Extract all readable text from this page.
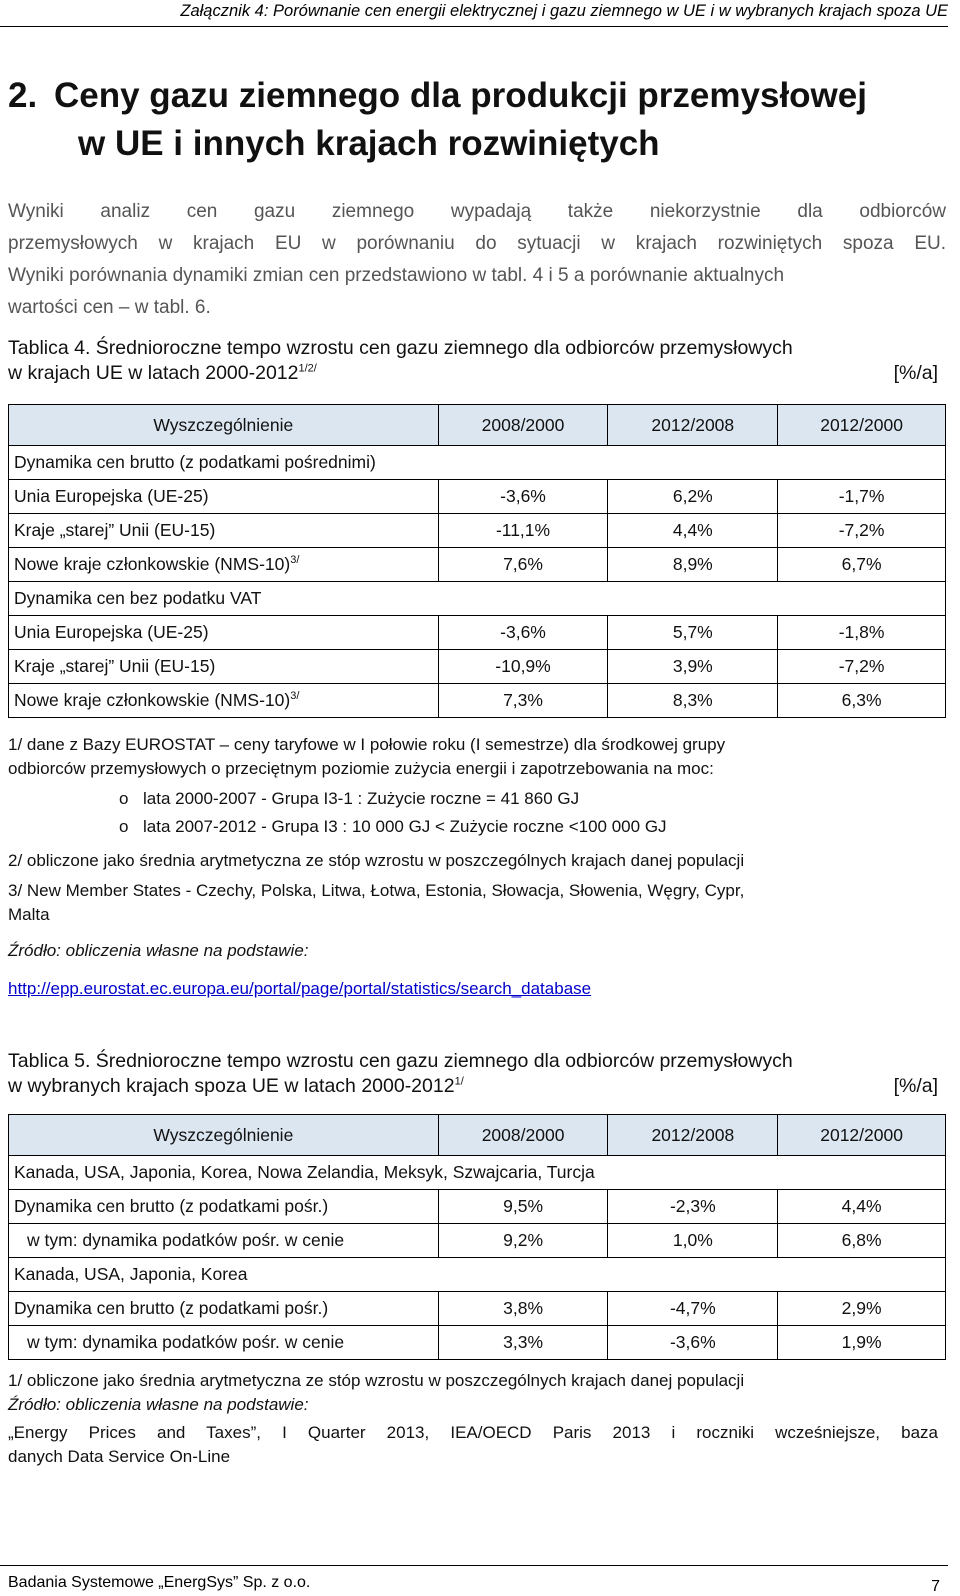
Załącznik 4: Porównanie cen energii elektrycznej i gazu ziemnego w UE i w wybranych krajach spoza UE
2. Ceny gazu ziemnego dla produkcji przemysłowej
w UE i innych krajach rozwiniętych
Wyniki analiz cen gazu ziemnego wypadają także niekorzystnie dla odbiorców
przemysłowych w krajach EU w porównaniu do sytuacji w krajach rozwiniętych spoza EU.
Wyniki porównania dynamiki zmian cen przedstawiono w tabl. 4 i 5 a porównanie aktualnych
wartości cen – w tabl. 6.
Tablica 4. Średnioroczne tempo wzrostu cen gazu ziemnego dla odbiorców przemysłowych
w krajach UE w latach $2000-2012^{1/2/}$	[%/a]
Wyszczególnienie	2008/2000	2012/2008	2012/2000
Dynamika cen brutto (z podatkami pośrednimi)			
Unia Europejska (UE-25)	-3,6%	6,2%	-1,7%
Kraje „starej” Unii (EU-15)	-11,1%	4,4%	-7,2%
Nowe kraje członkowskie $(NMS-10)^{3/}$	7,6%	8,9%	6,7%
Dynamika cen bez podatku VAT			
Unia Europejska (UE-25)	-3,6%	5,7%	-1,8%
Kraje „starej” Unii (EU-15)	-10,9%	3,9%	-7,2%
Nowe kraje członkowskie $(NMS-10)^{3/}$	7,3%	8,3%	6,3%
1/ dane z Bazy EUROSTAT – ceny taryfowe w I połowie roku (I semestrze) dla środkowej grupy
odbiorców przemysłowych o przeciętnym poziomie zużycia energii i zapotrzebowania na moc:
o lata 2000-2007 - Grupa I3-1 : Zużycie roczne = 41 860 GJ
o lata 2007-2012 - Grupa I3 : 10 000 GJ < Zużycie roczne <100 000 GJ
2/ obliczone jako średnia arytmetyczna ze stóp wzrostu w poszczególnych krajach danej populacji
3/ New Member States - Czechy, Polska, Litwa, Łotwa, Estonia, Słowacja, Słowenia, Węgry, Cypr,
Malta
Źródło: obliczenia własne na podstawie:
http://epp.eurostat.ec.europa.eu/portal/page/portal/statistics/search_database
Tablica 5. Średnioroczne tempo wzrostu cen gazu ziemnego dla odbiorców przemysłowych
w wybranych krajach spoza UE w latach $2000-2012^{1/}$	[%/a]
Wyszczególnienie	2008/2000	2012/2008	2012/2000
Kanada, USA, Japonia, Korea, Nowa Zelandia, Meksyk, Szwajcaria, Turcja			
Dynamika cen brutto (z podatkami pośr.)	9,5%	-2,3%	4,4%
w tym: dynamika podatków pośr. w cenie	9,2%	1,0%	6,8%
Kanada, USA, Japonia, Korea			
Dynamika cen brutto (z podatkami pośr.)	3,8%	-4,7%	2,9%
w tym: dynamika podatków pośr. w cenie	3,3%	-3,6%	1,9%
1/ obliczone jako średnia arytmetyczna ze stóp wzrostu w poszczególnych krajach danej populacji
Źródło: obliczenia własne na podstawie:
„Energy Prices and Taxes”, I Quarter 2013, IEA/OECD Paris 2013 i roczniki wcześniejsze, baza
danych Data Service On-Line
Badania Systemowe „EnergSys” Sp. z o.o.	7
